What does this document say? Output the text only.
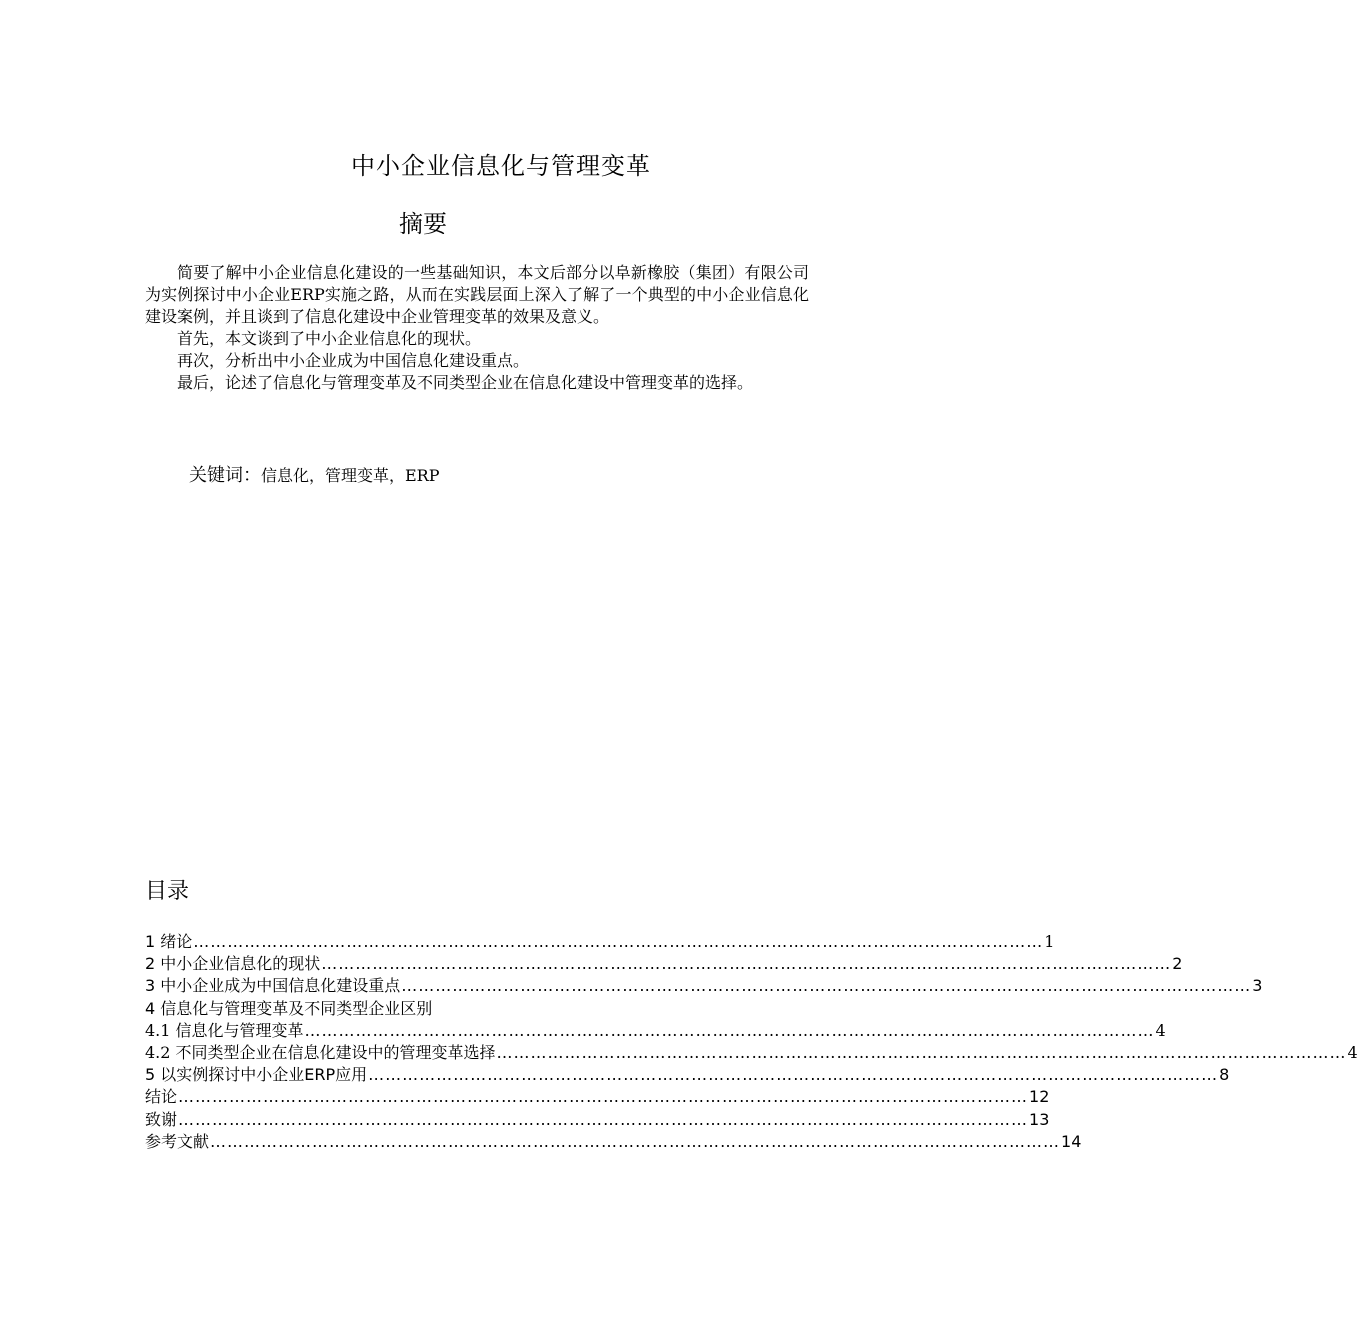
中小企业信息化与管理变革
摘要

简要了解中小企业信息化建设的一些基础知识，本文后部分以阜新橡胶（集团）有限公司为实例探讨中小企业ERP实施之路，从而在实践层面上深入了解了一个典型的中小企业信息化建设案例，并且谈到了信息化建设中企业管理变革的效果及意义。

首先，本文谈到了中小企业信息化的现状。

再次，分析出中小企业成为中国信息化建设重点。

最后，论述了信息化与管理变革及不同类型企业在信息化建设中管理变革的选择。

关键词：信息化，管理变革，ERP
目录
1 绪论 …………………………………………………………………………………………………………………………………… 1
2 中小企业信息化的现状 …………………………………………………………………………………………………………………………………… 2
3 中小企业成为中国信息化建设重点 …………………………………………………………………………………………………………………………………… 3
4 信息化与管理变革及不同类型企业区别
4.1 信息化与管理变革 …………………………………………………………………………………………………………………………………… 4
4.2 不同类型企业在信息化建设中的管理变革选择 …………………………………………………………………………………………………………………………………… 4
5 以实例探讨中小企业ERP应用 …………………………………………………………………………………………………………………………………… 8
结论 …………………………………………………………………………………………………………………………………… 12
致谢 …………………………………………………………………………………………………………………………………… 13
参考文献 …………………………………………………………………………………………………………………………………… 14
